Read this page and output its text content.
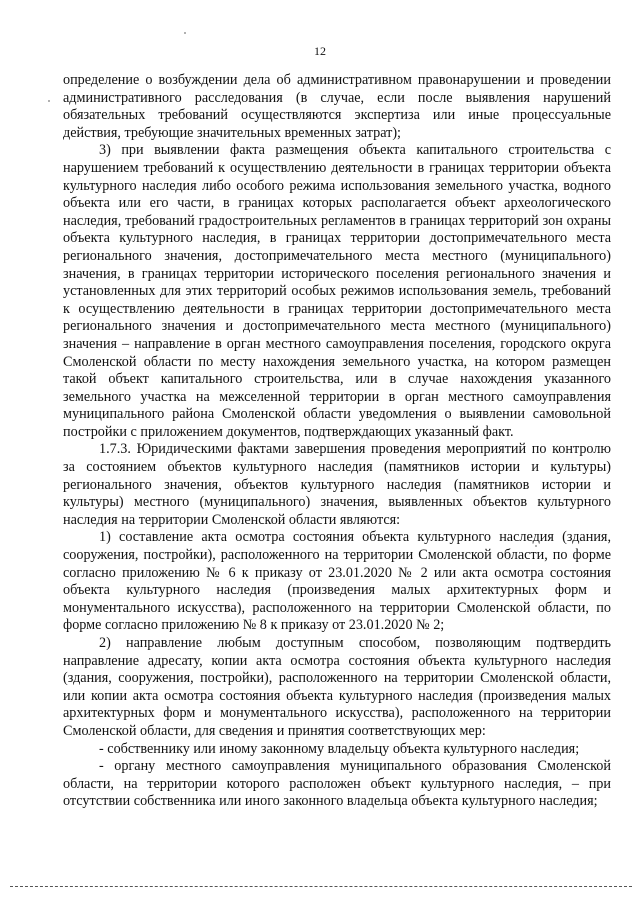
12

определение о возбуждении дела об административном правонарушении и проведении административного расследования (в случае, если после выявления нарушений обязательных требований осуществляются экспертиза или иные процессуальные действия, требующие значительных временных затрат);

3) при выявлении факта размещения объекта капитального строительства с нарушением требований к осуществлению деятельности в границах территории объекта культурного наследия либо особого режима использования земельного участка, водного объекта или его части, в границах которых располагается объект археологического наследия, требований градостроительных регламентов в границах территорий зон охраны объекта культурного наследия, в границах территории достопримечательного места регионального значения, достопримечательного места местного (муниципального) значения, в границах территории исторического поселения регионального значения и установленных для этих территорий особых режимов использования земель, требований к осуществлению деятельности в границах территории достопримечательного места регионального значения и достопримечательного места местного (муниципального) значения – направление в орган местного самоуправления поселения, городского округа Смоленской области по месту нахождения земельного участка, на котором размещен такой объект капитального строительства, или в случае нахождения указанного земельного участка на межселенной территории в орган местного самоуправления муниципального района Смоленской области уведомления о выявлении самовольной постройки с приложением документов, подтверждающих указанный факт.

1.7.3. Юридическими фактами завершения проведения мероприятий по контролю за состоянием объектов культурного наследия (памятников истории и культуры) регионального значения, объектов культурного наследия (памятников истории и культуры) местного (муниципального) значения, выявленных объектов культурного наследия на территории Смоленской области являются:

1) составление акта осмотра состояния объекта культурного наследия (здания, сооружения, постройки), расположенного на территории Смоленской области, по форме согласно приложению № 6 к приказу от 23.01.2020 № 2 или акта осмотра состояния объекта культурного наследия (произведения малых архитектурных форм и монументального искусства), расположенного на территории Смоленской области, по форме согласно приложению № 8 к приказу от 23.01.2020 № 2;

2) направление любым доступным способом, позволяющим подтвердить направление адресату, копии акта осмотра состояния объекта культурного наследия (здания, сооружения, постройки), расположенного на территории Смоленской области, или копии акта осмотра состояния объекта культурного наследия (произведения малых архитектурных форм и монументального искусства), расположенного на территории Смоленской области, для сведения и принятия соответствующих мер:

- собственнику или иному законному владельцу объекта культурного наследия;

- органу местного самоуправления муниципального образования Смоленской области, на территории которого расположен объект культурного наследия, – при отсутствии собственника или иного законного владельца объекта культурного наследия;
